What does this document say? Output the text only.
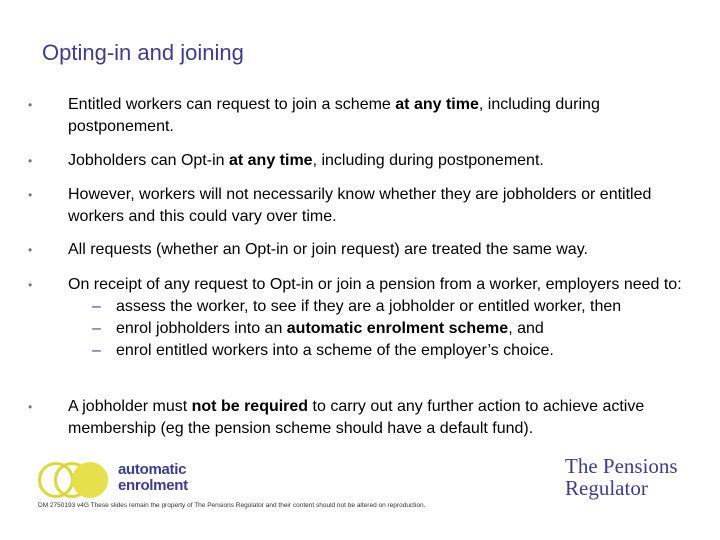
Opting-in and joining
•	Entitled workers can request to join a scheme at any time, including during postponement.
•	Jobholders can Opt-in at any time, including during postponement.
•	However, workers will not necessarily know whether they are jobholders or entitled workers and this could vary over time.
•	All requests (whether an Opt-in or join request) are treated the same way.
•	On receipt of any request to Opt-in or join a pension from a worker, employers need to:
– assess the worker, to see if they are a jobholder or entitled worker, then
– enrol jobholders into an automatic enrolment scheme, and
– enrol entitled workers into a scheme of the employer’s choice.
•	A jobholder must not be required to carry out any further action to achieve active membership (eg the pension scheme should have a default fund).
automatic
enrolment
The Pensions
Regulator
DM 2750193 v4G These slides remain the property of The Pensions Regulator and their content should not be altered on reproduction.
